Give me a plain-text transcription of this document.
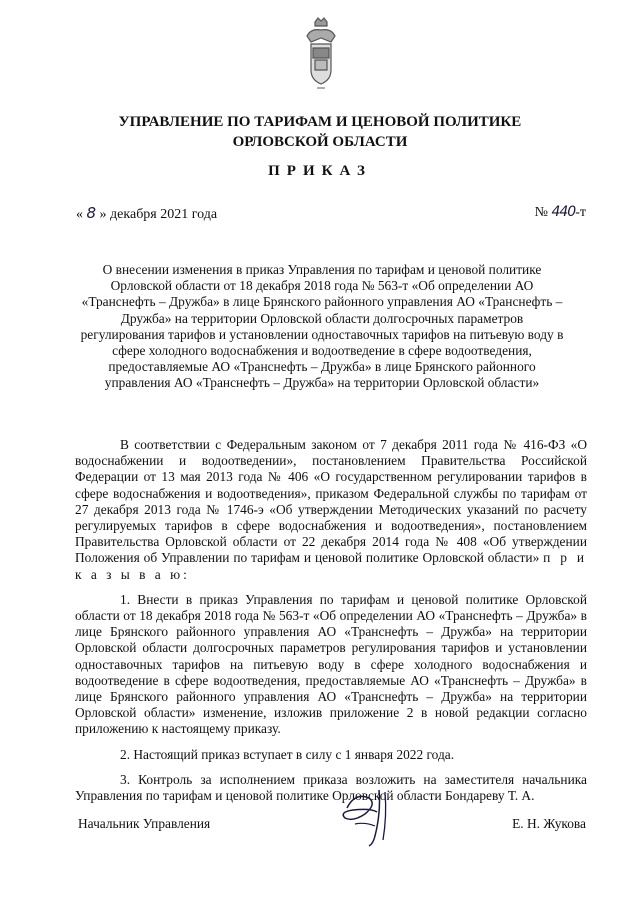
УПРАВЛЕНИЕ ПО ТАРИФАМ И ЦЕНОВОЙ ПОЛИТИКЕ
ОРЛОВСКОЙ ОБЛАСТИ
ПРИКАЗ
« 8 » декабря 2021 года	№ 440-т
О внесении изменения в приказ Управления по тарифам и ценовой политике Орловской области от 18 декабря 2018 года № 563-т «Об определении АО «Транснефть – Дружба» в лице Брянского районного управления АО «Транснефть – Дружба» на территории Орловской области долгосрочных параметров регулирования тарифов и установлении одноставочных тарифов на питьевую воду в сфере холодного водоснабжения и водоотведение в сфере водоотведения, предоставляемые АО «Транснефть – Дружба» в лице Брянского районного управления АО «Транснефть – Дружба» на территории Орловской области»

В соответствии с Федеральным законом от 7 декабря 2011 года № 416-ФЗ «О водоснабжении и водоотведении», постановлением Правительства Российской Федерации от 13 мая 2013 года № 406 «О государственном регулировании тарифов в сфере водоснабжения и водоотведения», приказом Федеральной службы по тарифам от 27 декабря 2013 года № 1746-э «Об утверждении Методических указаний по расчету регулируемых тарифов в сфере водоснабжения и водоотведения», постановлением Правительства Орловской области от 22 декабря 2014 года № 408 «Об утверждении Положения об Управлении по тарифам и ценовой политике Орловской области» п р и к а з ы в а ю:

1. Внести в приказ Управления по тарифам и ценовой политике Орловской области от 18 декабря 2018 года № 563-т «Об определении АО «Транснефть – Дружба» в лице Брянского районного управления АО «Транснефть – Дружба» на территории Орловской области долгосрочных параметров регулирования тарифов и установлении одноставочных тарифов на питьевую воду в сфере холодного водоснабжения и водоотведение в сфере водоотведения, предоставляемые АО «Транснефть – Дружба» в лице Брянского районного управления АО «Транснефть – Дружба» на территории Орловской области» изменение, изложив приложение 2 в новой редакции согласно приложению к настоящему приказу.

2. Настоящий приказ вступает в силу с 1 января 2022 года.

3. Контроль за исполнением приказа возложить на заместителя начальника Управления по тарифам и ценовой политике Орловской области Бондареву Т. А.

Начальник Управления	Е. Н. Жукова
